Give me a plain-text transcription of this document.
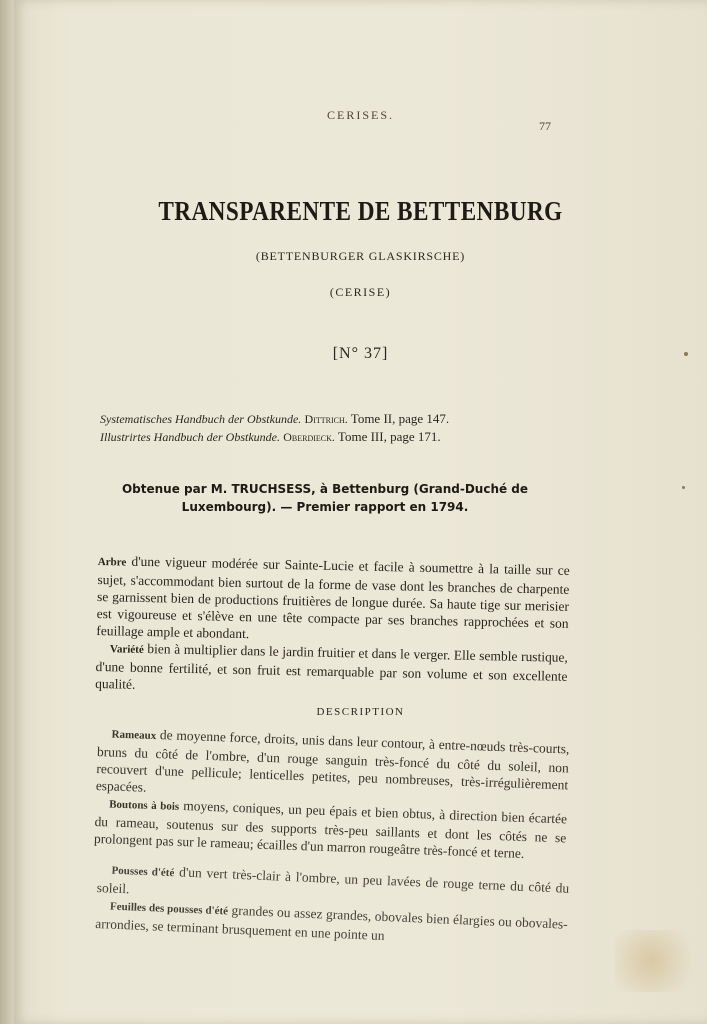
CERISES.
77
TRANSPARENTE DE BETTENBURG
(BETTENBURGER GLASKIRSCHE)
(CERISE)
[N° 37]
Systematisches Handbuch der Obstkunde. Dittrich. Tome II, page 147.
Illustrirtes Handbuch der Obstkunde. Oberdieck. Tome III, page 171.
Obtenue par M. TRUCHSESS, à Bettenburg (Grand-Duché de
Luxembourg). — Premier rapport en 1794.
Arbre d'une vigueur modérée sur Sainte-Lucie et facile à soumettre à la taille sur ce sujet, s'accommodant bien surtout de la forme de vase dont les branches de charpente se garnissent bien de productions fruitières de longue durée. Sa haute tige sur merisier est vigoureuse et s'élève en une tête compacte par ses branches rapprochées et son feuillage ample et abondant.
Variété bien à multiplier dans le jardin fruitier et dans le verger. Elle semble rustique, d'une bonne fertilité, et son fruit est remarquable par son volume et son excellente qualité.
DESCRIPTION
Rameaux de moyenne force, droits, unis dans leur contour, à entre-nœuds très-courts, bruns du côté de l'ombre, d'un rouge sanguin très-foncé du côté du soleil, non recouvert d'une pellicule; lenticelles petites, peu nombreuses, très-irrégulièrement espacées.
Boutons à bois moyens, coniques, un peu épais et bien obtus, à direction bien écartée du rameau, soutenus sur des supports très-peu saillants et dont les côtés ne se prolongent pas sur le rameau; écailles d'un marron rougeâtre très-foncé et terne.
Pousses d'été d'un vert très-clair à l'ombre, un peu lavées de rouge terne du côté du soleil.
Feuilles des pousses d'été grandes ou assez grandes, obovales bien élargies ou obovales-arrondies, se terminant brusquement en une pointe un
